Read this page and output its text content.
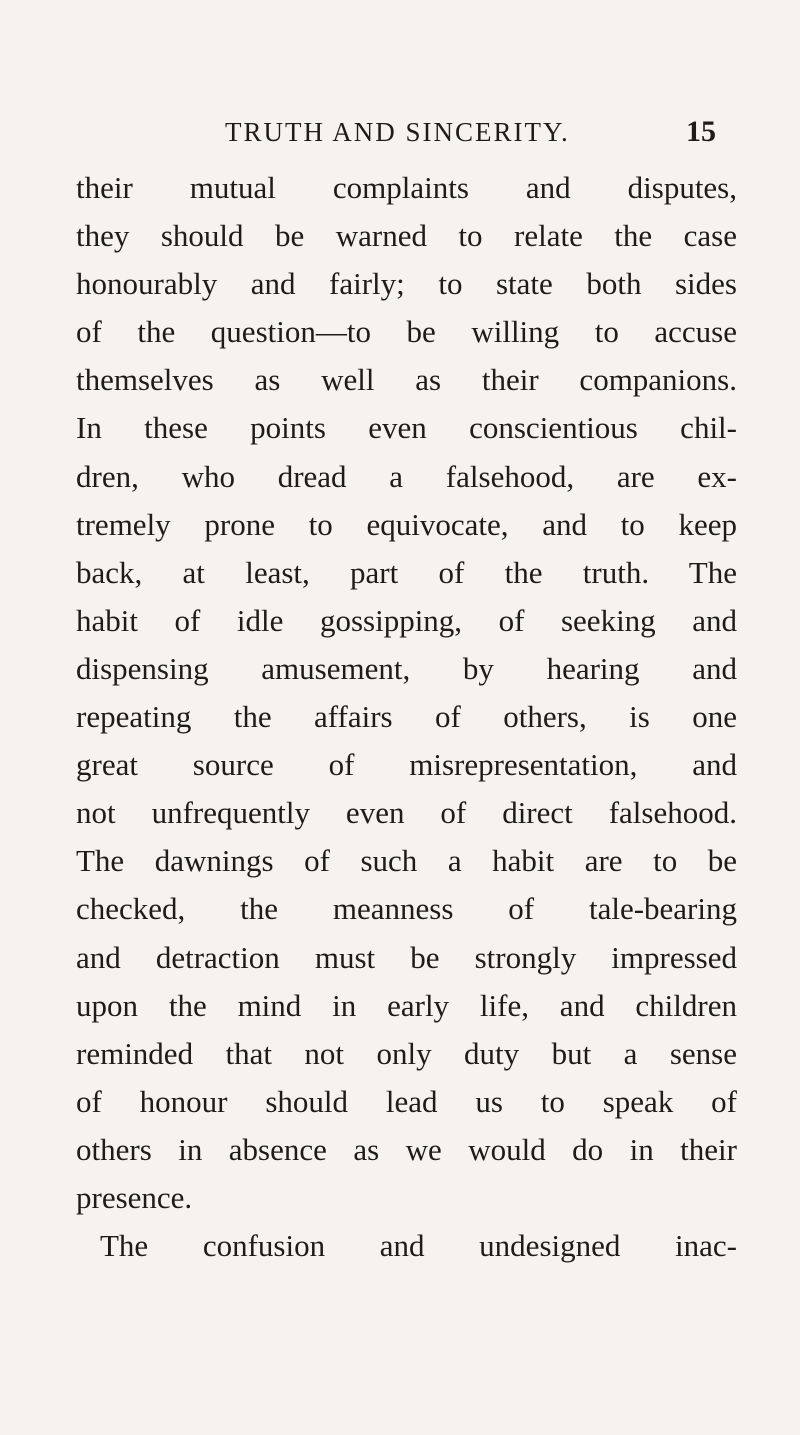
TRUTH AND SINCERITY.	15
their mutual complaints and disputes,
they should be warned to relate the case
honourably and fairly; to state both sides
of the question—to be willing to accuse
themselves as well as their companions.
In these points even conscientious chil-
dren, who dread a falsehood, are ex-
tremely prone to equivocate, and to keep
back, at least, part of the truth. The
habit of idle gossipping, of seeking and
dispensing amusement, by hearing and
repeating the affairs of others, is one
great source of misrepresentation, and
not unfrequently even of direct falsehood.
The dawnings of such a habit are to be
checked, the meanness of tale-bearing
and detraction must be strongly impressed
upon the mind in early life, and children
reminded that not only duty but a sense
of honour should lead us to speak of
others in absence as we would do in their
presence.
The confusion and undesigned inac-
